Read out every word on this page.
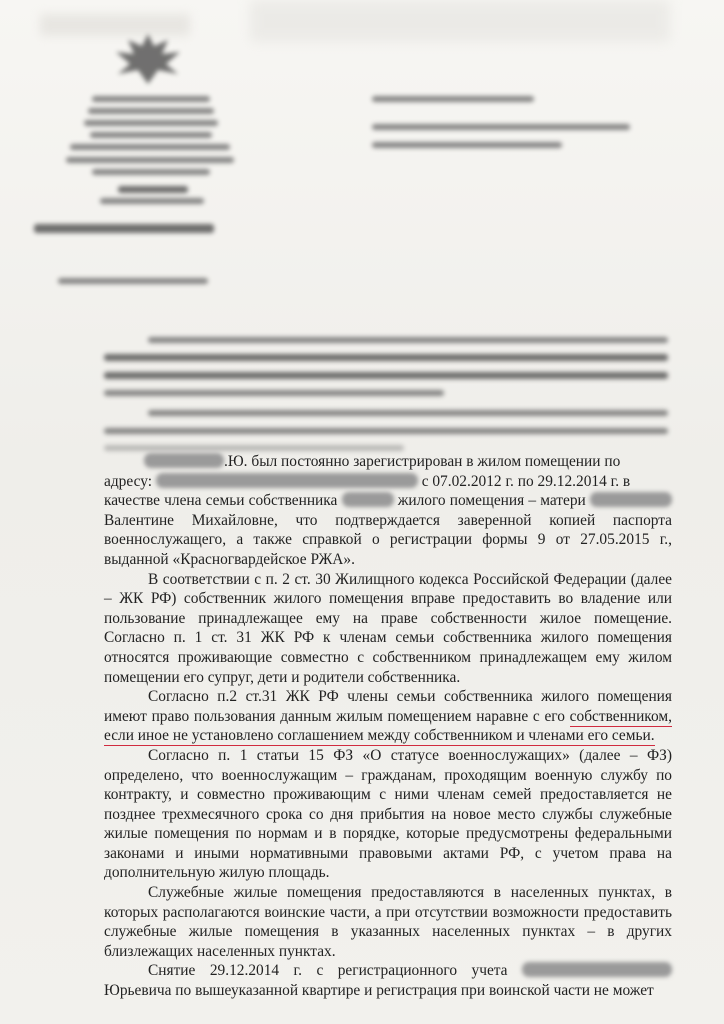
.Ю. был постоянно зарегистрирован в жилом помещении по
адресу:	с 07.02.2012 г. по 29.12.2014 г. в
качестве члена семьи собственника	жилого помещения – матери  Валентине Михайловне, что подтверждается заверенной копией паспорта военнослужащего, а также справкой о регистрации формы 9 от 27.05.2015 г., выданной «Красногвардейское РЖА».

В соответствии с п. 2 ст. 30 Жилищного кодекса Российской Федерации (далее – ЖК РФ) собственник жилого помещения вправе предоставить во владение или пользование принадлежащее ему на праве собственности жилое помещение. Согласно п. 1 ст. 31 ЖК РФ к членам семьи собственника жилого помещения относятся проживающие совместно с собственником принадлежащем ему жилом помещении его супруг, дети и родители собственника.

Согласно п.2 ст.31 ЖК РФ члены семьи собственника жилого помещения имеют право пользования данным жилым помещением наравне с его собственником, если иное не установлено соглашением между собственником и членами его семьи.

Согласно п. 1 статьи 15 ФЗ «О статусе военнослужащих» (далее – ФЗ) определено, что военнослужащим – гражданам, проходящим военную службу по контракту, и совместно проживающим с ними членам семей предоставляется не позднее трехмесячного срока со дня прибытия на новое место службы служебные жилые помещения по нормам и в порядке, которые предусмотрены федеральными законами и иными нормативными правовыми актами РФ, с учетом права на дополнительную жилую площадь.

Служебные жилые помещения предоставляются в населенных пунктах, в которых располагаются воинские части, а при отсутствии возможности предоставить служебные жилые помещения в указанных населенных пунктах – в других близлежащих населенных пунктах.

Снятие 29.12.2014 г. с регистрационного учета  Юрьевича по вышеуказанной квартире и регистрация при воинской части не может
